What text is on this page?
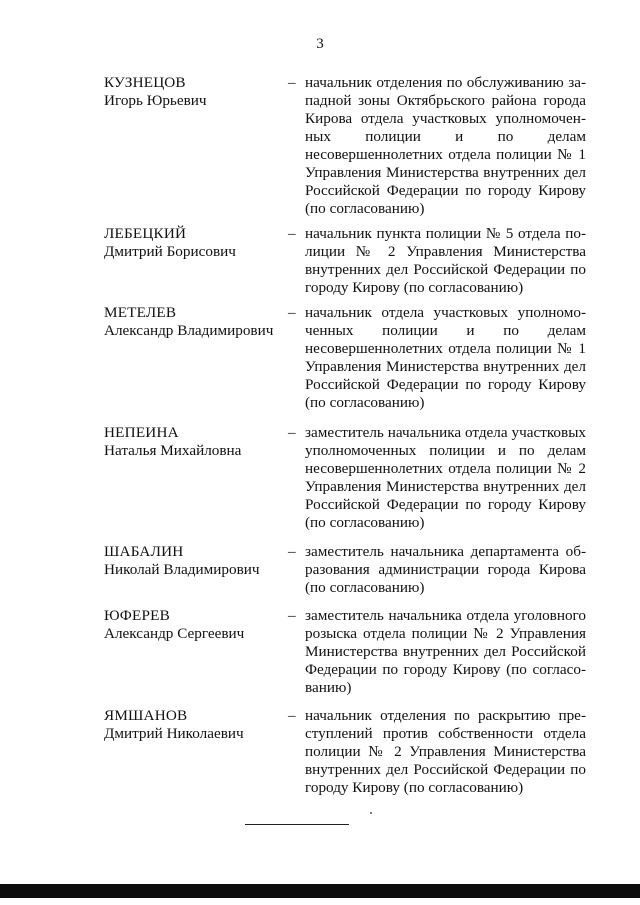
3
КУЗНЕЦОВ
Игорь Юрьевич
– начальник отделения по обслуживанию западной зоны Октябрьского района города Кирова отдела участковых уполномоченных полиции и по делам несовершеннолетних отдела полиции № 1 Управления Министерства внутренних дел Российской Федерации по городу Кирову (по согласованию)
ЛЕБЕЦКИЙ
Дмитрий Борисович
– начальник пункта полиции № 5 отдела полиции № 2 Управления Министерства внутренних дел Российской Федерации по городу Кирову (по согласованию)
МЕТЕЛЕВ
Александр Владимирович
– начальник отдела участковых уполномоченных полиции и по делам несовершеннолетних отдела полиции № 1 Управления Министерства внутренних дел Российской Федерации по городу Кирову (по согласованию)
НЕПЕИНА
Наталья Михайловна
– заместитель начальника отдела участковых уполномоченных полиции и по делам несовершеннолетних отдела полиции № 2 Управления Министерства внутренних дел Российской Федерации по городу Кирову (по согласованию)
ШАБАЛИН
Николай Владимирович
– заместитель начальника департамента образования администрации города Кирова (по согласованию)
ЮФЕРЕВ
Александр Сергеевич
– заместитель начальника отдела уголовного розыска отдела полиции № 2 Управления Министерства внутренних дел Российской Федерации по городу Кирову (по согласованию)
ЯМШАНОВ
Дмитрий Николаевич
– начальник отделения по раскрытию преступлений против собственности отдела полиции № 2 Управления Министерства внутренних дел Российской Федерации по городу Кирову (по согласованию)
